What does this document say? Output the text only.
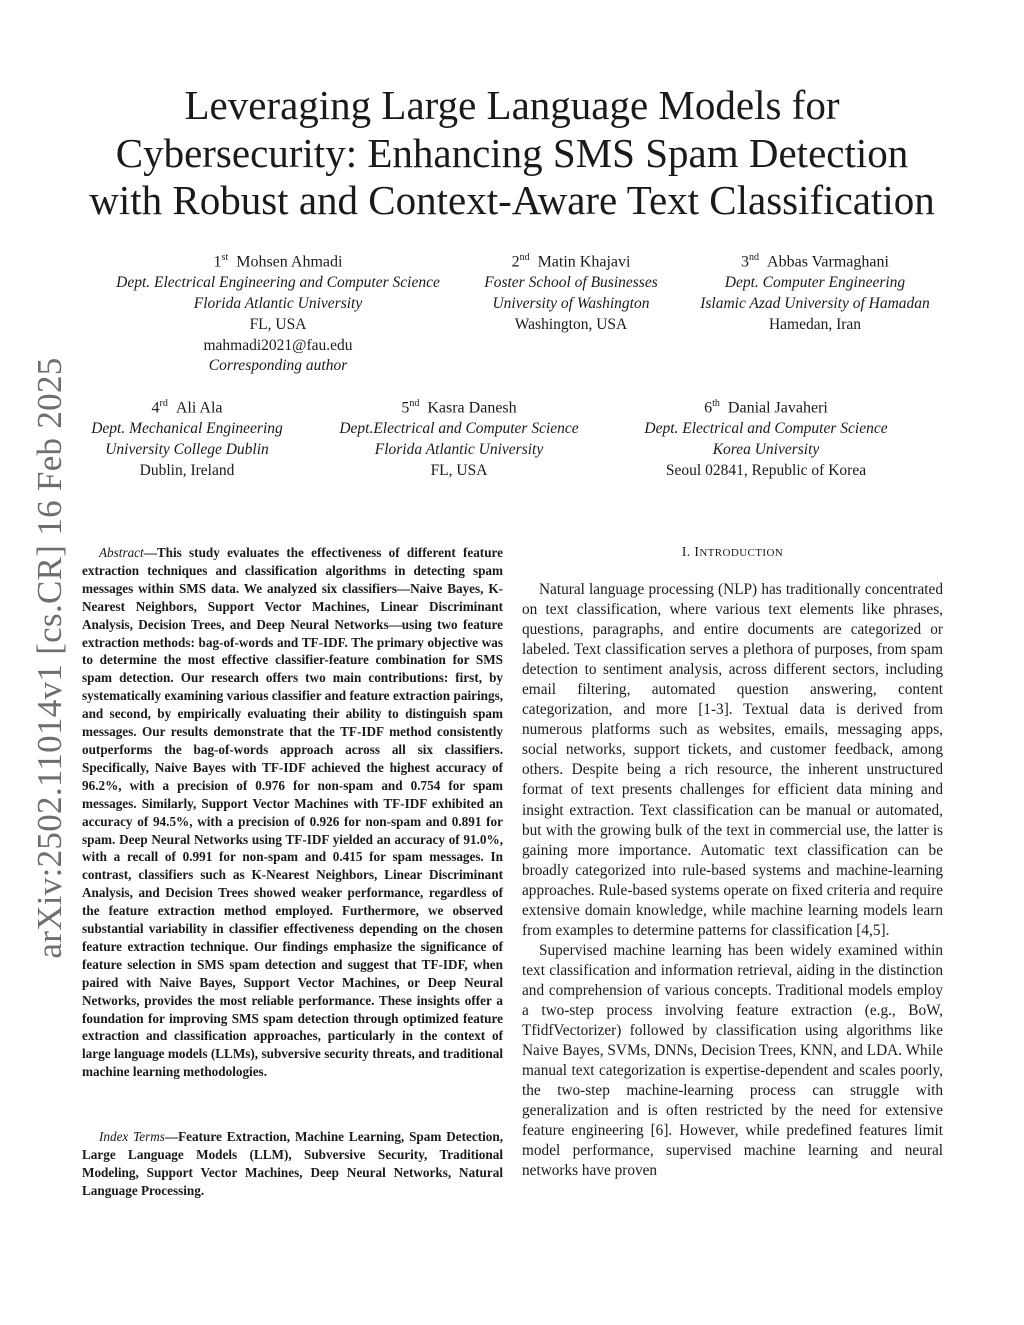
arXiv:2502.11014v1 [cs.CR] 16 Feb 2025
Leveraging Large Language Models for Cybersecurity: Enhancing SMS Spam Detection with Robust and Context-Aware Text Classification
1st Mohsen Ahmadi
Dept. Electrical Engineering and Computer Science
Florida Atlantic University
FL, USA
mahmadi2021@fau.edu
Corresponding author
2nd Matin Khajavi
Foster School of Businesses
University of Washington
Washington, USA
3nd Abbas Varmaghani
Dept. Computer Engineering
Islamic Azad University of Hamadan
Hamedan, Iran
4rd Ali Ala
Dept. Mechanical Engineering
University College Dublin
Dublin, Ireland
5nd Kasra Danesh
Dept.Electrical and Computer Science
Florida Atlantic University
FL, USA
6th Danial Javaheri
Dept. Electrical and Computer Science
Korea University
Seoul 02841, Republic of Korea
Abstract—This study evaluates the effectiveness of different feature extraction techniques and classification algorithms in detecting spam messages within SMS data. We analyzed six classifiers—Naive Bayes, K-Nearest Neighbors, Support Vector Machines, Linear Discriminant Analysis, Decision Trees, and Deep Neural Networks—using two feature extraction methods: bag-of-words and TF-IDF. The primary objective was to determine the most effective classifier-feature combination for SMS spam detection. Our research offers two main contributions: first, by systematically examining various classifier and feature extraction pairings, and second, by empirically evaluating their ability to distinguish spam messages. Our results demonstrate that the TF-IDF method consistently outperforms the bag-of-words approach across all six classifiers. Specifically, Naive Bayes with TF-IDF achieved the highest accuracy of 96.2%, with a precision of 0.976 for non-spam and 0.754 for spam messages. Similarly, Support Vector Machines with TF-IDF exhibited an accuracy of 94.5%, with a precision of 0.926 for non-spam and 0.891 for spam. Deep Neural Networks using TF-IDF yielded an accuracy of 91.0%, with a recall of 0.991 for non-spam and 0.415 for spam messages. In contrast, classifiers such as K-Nearest Neighbors, Linear Discriminant Analysis, and Decision Trees showed weaker performance, regardless of the feature extraction method employed. Furthermore, we observed substantial variability in classifier effectiveness depending on the chosen feature extraction technique. Our findings emphasize the significance of feature selection in SMS spam detection and suggest that TF-IDF, when paired with Naive Bayes, Support Vector Machines, or Deep Neural Networks, provides the most reliable performance. These insights offer a foundation for improving SMS spam detection through optimized feature extraction and classification approaches, particularly in the context of large language models (LLMs), subversive security threats, and traditional machine learning methodologies.
Index Terms—Feature Extraction, Machine Learning, Spam Detection, Large Language Models (LLM), Subversive Security, Traditional Modeling, Support Vector Machines, Deep Neural Networks, Natural Language Processing.
I. INTRODUCTION

Natural language processing (NLP) has traditionally concentrated on text classification, where various text elements like phrases, questions, paragraphs, and entire documents are categorized or labeled. Text classification serves a plethora of purposes, from spam detection to sentiment analysis, across different sectors, including email filtering, automated question answering, content categorization, and more [1-3]. Textual data is derived from numerous platforms such as websites, emails, messaging apps, social networks, support tickets, and customer feedback, among others. Despite being a rich resource, the inherent unstructured format of text presents challenges for efficient data mining and insight extraction. Text classification can be manual or automated, but with the growing bulk of the text in commercial use, the latter is gaining more importance. Automatic text classification can be broadly categorized into rule-based systems and machine-learning approaches. Rule-based systems operate on fixed criteria and require extensive domain knowledge, while machine learning models learn from examples to determine patterns for classification [4,5].

Supervised machine learning has been widely examined within text classification and information retrieval, aiding in the distinction and comprehension of various concepts. Traditional models employ a two-step process involving feature extraction (e.g., BoW, TfidfVectorizer) followed by classification using algorithms like Naive Bayes, SVMs, DNNs, Decision Trees, KNN, and LDA. While manual text categorization is expertise-dependent and scales poorly, the two-step machine-learning process can struggle with generalization and is often restricted by the need for extensive feature engineering [6]. However, while predefined features limit model performance, supervised machine learning and neural networks have proven
